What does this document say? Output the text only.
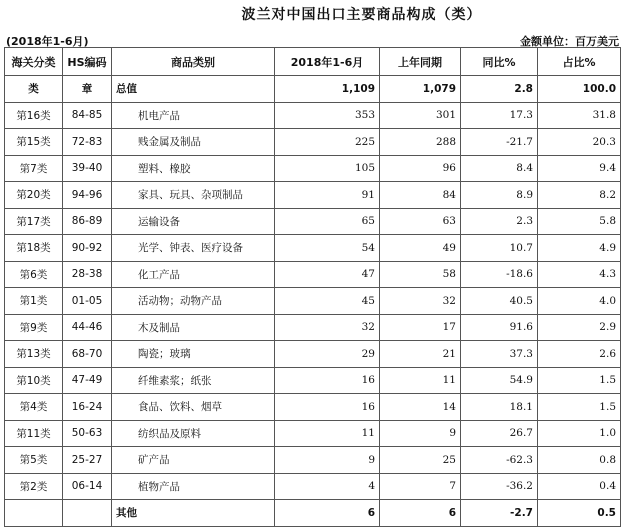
波兰对中国出口主要商品构成（类）
(2018年1-6月)	金额单位：百万美元
海关分类	HS编码	商品类别	2018年1-6月	上年同期	同比%	占比%
类	章	总值	1,109	1,079	2.8	100.0
第16类	84-85	机电产品	353	301	17.3	31.8
第15类	72-83	贱金属及制品	225	288	-21.7	20.3
第7类	39-40	塑料、橡胶	105	96	8.4	9.4
第20类	94-96	家具、玩具、杂项制品	91	84	8.9	8.2
第17类	86-89	运输设备	65	63	2.3	5.8
第18类	90-92	光学、钟表、医疗设备	54	49	10.7	4.9
第6类	28-38	化工产品	47	58	-18.6	4.3
第1类	01-05	活动物；动物产品	45	32	40.5	4.0
第9类	44-46	木及制品	32	17	91.6	2.9
第13类	68-70	陶瓷；玻璃	29	21	37.3	2.6
第10类	47-49	纤维素浆；纸张	16	11	54.9	1.5
第4类	16-24	食品、饮料、烟草	16	14	18.1	1.5
第11类	50-63	纺织品及原料	11	9	26.7	1.0
第5类	25-27	矿产品	9	25	-62.3	0.8
第2类	06-14	植物产品	4	7	-36.2	0.4
		其他	6	6	-2.7	0.5
